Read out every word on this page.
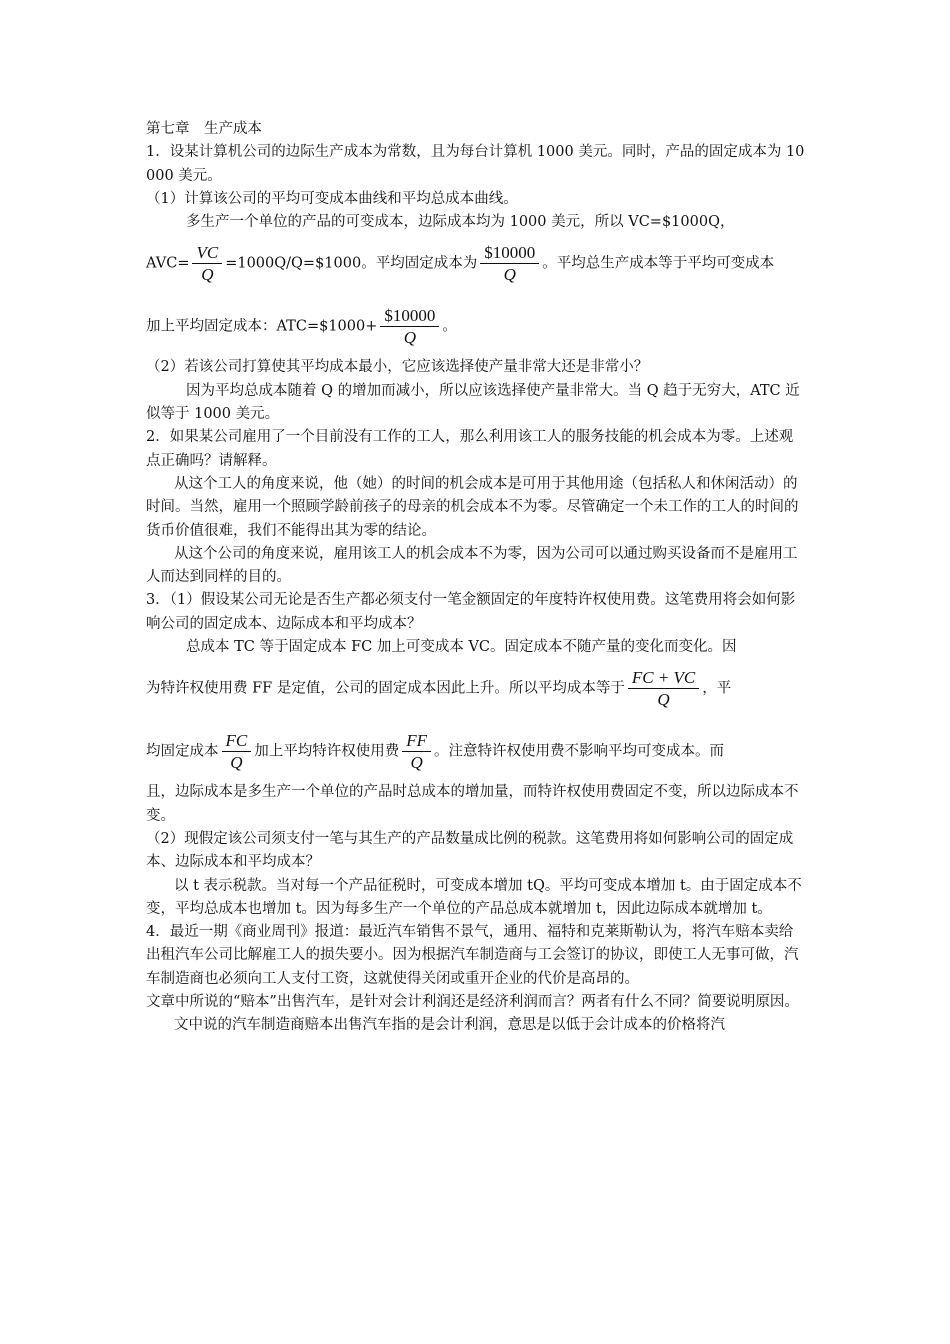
第七章　生产成本

1．设某计算机公司的边际生产成本为常数，且为每台计算机 1000 美元。同时，产品的固定成本为 10000 美元。

（1）计算该公司的平均可变成本曲线和平均总成本曲线。

多生产一个单位的产品的可变成本，边际成本均为 1000 美元，所以 VC=$1000Q，

$AVC= \frac{VC}{Q}$ =1000Q/Q=$1000。平均固定成本为 $\frac{\$10000}{Q}$ 。平均总生产成本等于平均可变成本

加上平均固定成本：ATC=$1000+ $\frac{\$10000}{Q}$ 。

（2）若该公司打算使其平均成本最小，它应该选择使产量非常大还是非常小？

因为平均总成本随着 Q 的增加而减小，所以应该选择使产量非常大。当 Q 趋于无穷大，ATC 近似等于 1000 美元。

2．如果某公司雇用了一个目前没有工作的工人，那么利用该工人的服务技能的机会成本为零。上述观点正确吗？请解释。

从这个工人的角度来说，他（她）的时间的机会成本是可用于其他用途（包括私人和休闲活动）的时间。当然，雇用一个照顾学龄前孩子的母亲的机会成本不为零。尽管确定一个未工作的工人的时间的货币价值很难，我们不能得出其为零的结论。

从这个公司的角度来说，雇用该工人的机会成本不为零，因为公司可以通过购买设备而不是雇用工人而达到同样的目的。

3．（1）假设某公司无论是否生产都必须支付一笔金额固定的年度特许权使用费。这笔费用将会如何影响公司的固定成本、边际成本和平均成本？

总成本 TC 等于固定成本 FC 加上可变成本 VC。固定成本不随产量的变化而变化。因

为特许权使用费 FF 是定值，公司的固定成本因此上升。所以平均成本等于 $\frac{FC + VC}{Q}$ ，平

均固定成本 $\frac{FC}{Q}$ 加上平均特许权使用费 $\frac{FF}{Q}$ 。注意特许权使用费不影响平均可变成本。而

且，边际成本是多生产一个单位的产品时总成本的增加量，而特许权使用费固定不变，所以边际成本不变。

（2）现假定该公司须支付一笔与其生产的产品数量成比例的税款。这笔费用将如何影响公司的固定成本、边际成本和平均成本？

以 t 表示税款。当对每一个产品征税时，可变成本增加 tQ。平均可变成本增加 t。由于固定成本不变，平均总成本也增加 t。因为每多生产一个单位的产品总成本就增加 t，因此边际成本就增加 t。

4．最近一期《商业周刊》报道：最近汽车销售不景气，通用、福特和克莱斯勒认为，将汽车赔本卖给出租汽车公司比解雇工人的损失要小。因为根据汽车制造商与工会签订的协议，即使工人无事可做，汽车制造商也必须向工人支付工资，这就使得关闭或重开企业的代价是高昂的。

文章中所说的“赔本”出售汽车，是针对会计利润还是经济利润而言？两者有什么不同？简要说明原因。

文中说的汽车制造商赔本出售汽车指的是会计利润，意思是以低于会计成本的价格将汽
